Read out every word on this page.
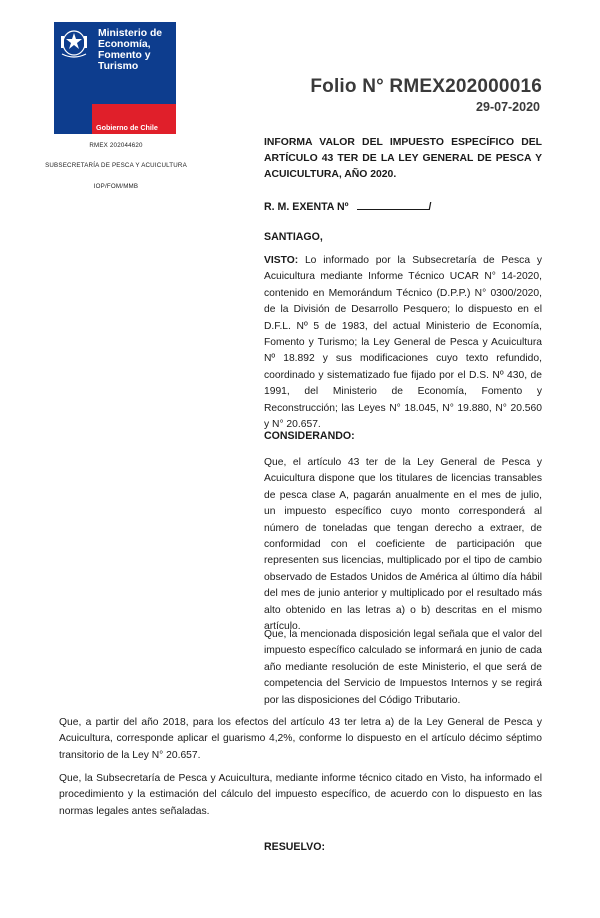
Ministerio de
Economía,
Fomento y
Turismo
Gobierno de Chile
RMEX 202044620
SUBSECRETARÍA DE PESCA Y ACUICULTURA
IOP/FOM/MMB
Folio N° RMEX202000016
29-07-2020
INFORMA VALOR DEL IMPUESTO ESPECÍFICO DEL ARTÍCULO 43 TER DE LA LEY GENERAL DE PESCA Y ACUICULTURA, AÑO 2020.
R. M. EXENTA Nº	/
SANTIAGO,
VISTO: Lo informado por la Subsecretaría de Pesca y Acuicultura mediante Informe Técnico UCAR N° 14-2020, contenido en Memorándum Técnico (D.P.P.) N° 0300/2020, de la División de Desarrollo Pesquero; lo dispuesto en el D.F.L. Nº 5 de 1983, del actual Ministerio de Economía, Fomento y Turismo; la Ley General de Pesca y Acuicultura Nº 18.892 y sus modificaciones cuyo texto refundido, coordinado y sistematizado fue fijado por el D.S. Nº 430, de 1991, del Ministerio de Economía, Fomento y Reconstrucción; las Leyes N° 18.045, N° 19.880, N° 20.560 y N° 20.657.
CONSIDERANDO:
Que, el artículo 43 ter de la Ley General de Pesca y Acuicultura dispone que los titulares de licencias transables de pesca clase A, pagarán anualmente en el mes de julio, un impuesto específico cuyo monto corresponderá al número de toneladas que tengan derecho a extraer, de conformidad con el coeficiente de participación que representen sus licencias, multiplicado por el tipo de cambio observado de Estados Unidos de América al último día hábil del mes de junio anterior y multiplicado por el resultado más alto obtenido en las letras a) o b) descritas en el mismo artículo.
Que, la mencionada disposición legal señala que el valor del impuesto específico calculado se informará en junio de cada año mediante resolución de este Ministerio, el que será de competencia del Servicio de Impuestos Internos y se regirá por las disposiciones del Código Tributario.
Que, a partir del año 2018, para los efectos del artículo 43 ter letra a) de la Ley General de Pesca y Acuicultura, corresponde aplicar el guarismo 4,2%, conforme lo dispuesto en el artículo décimo séptimo transitorio de la Ley N° 20.657.
Que, la Subsecretaría de Pesca y Acuicultura, mediante informe técnico citado en Visto, ha informado el procedimiento y la estimación del cálculo del impuesto específico, de acuerdo con lo dispuesto en las normas legales antes señaladas.
RESUELVO:
